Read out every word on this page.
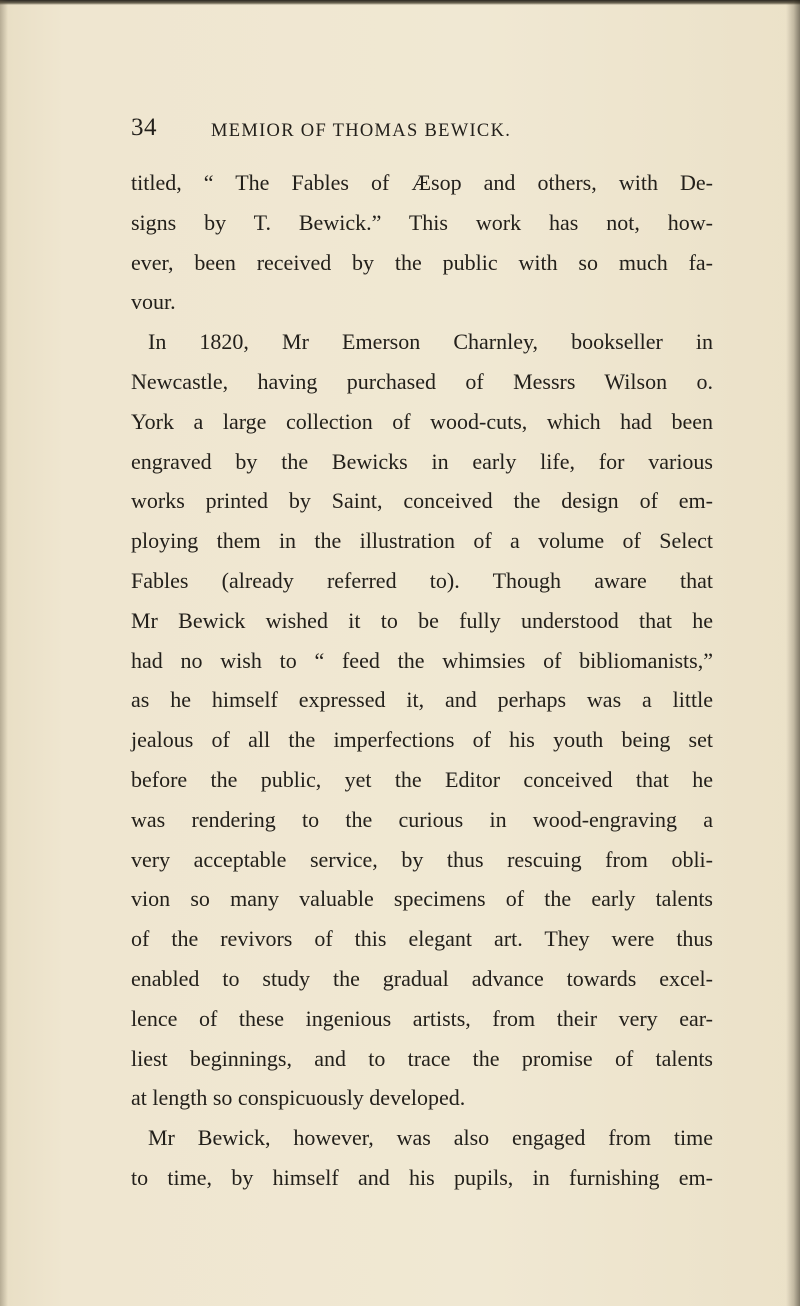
34	MEMIOR OF THOMAS BEWICK.
titled, “ The Fables of Æsop and others, with De-
signs by T. Bewick.” This work has not, how-
ever, been received by the public with so much fa-
vour.
In 1820, Mr Emerson Charnley, bookseller in
Newcastle, having purchased of Messrs Wilson o.
York a large collection of wood-cuts, which had been
engraved by the Bewicks in early life, for various
works printed by Saint, conceived the design of em-
ploying them in the illustration of a volume of Select
Fables (already referred to). Though aware that
Mr Bewick wished it to be fully understood that he
had no wish to “ feed the whimsies of bibliomanists,”
as he himself expressed it, and perhaps was a little
jealous of all the imperfections of his youth being set
before the public, yet the Editor conceived that he
was rendering to the curious in wood-engraving a
very acceptable service, by thus rescuing from obli-
vion so many valuable specimens of the early talents
of the revivors of this elegant art. They were thus
enabled to study the gradual advance towards excel-
lence of these ingenious artists, from their very ear-
liest beginnings, and to trace the promise of talents
at length so conspicuously developed.
Mr Bewick, however, was also engaged from time
to time, by himself and his pupils, in furnishing em-
